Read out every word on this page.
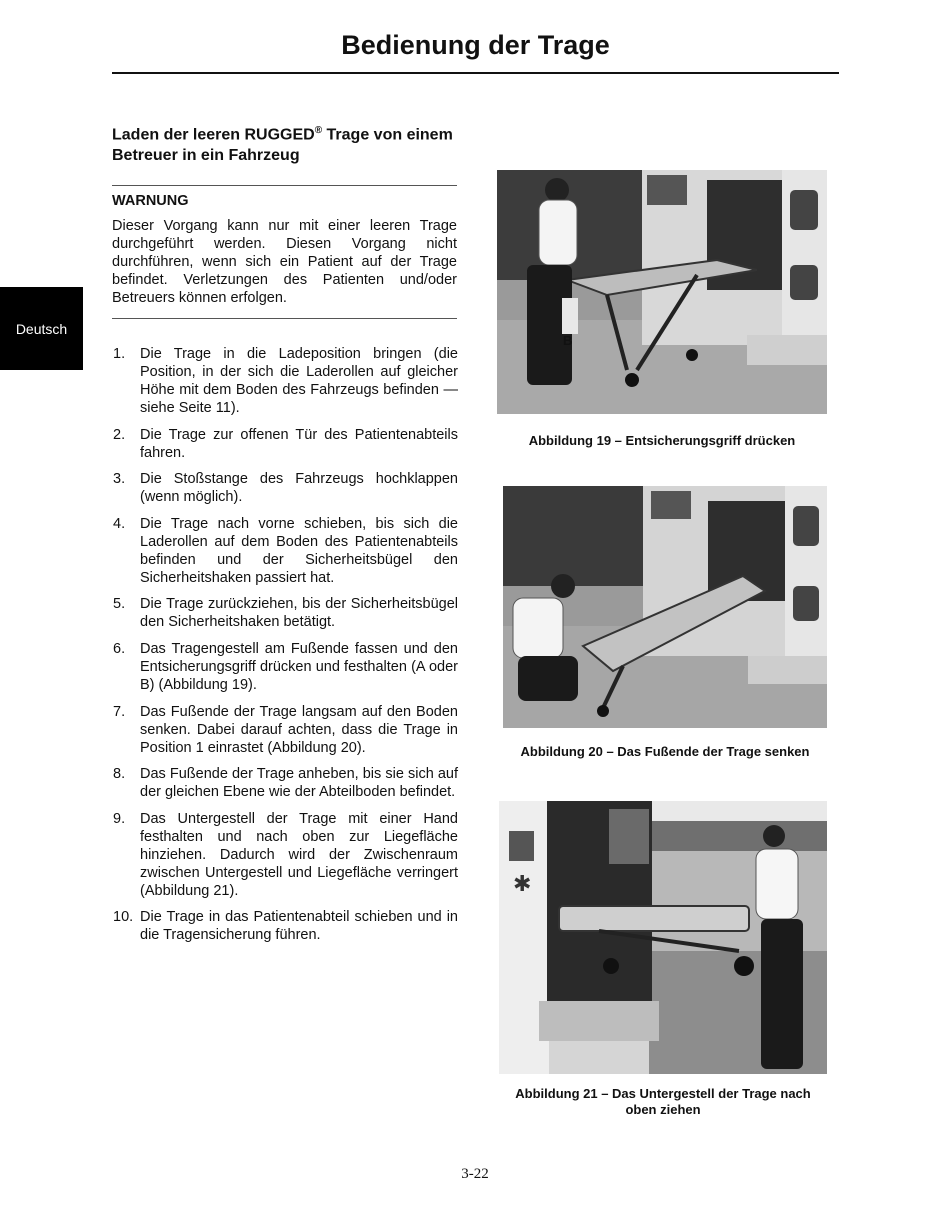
Bedienung der Trage
Deutsch
Laden der leeren RUGGED® Trage von einem Betreuer in ein Fahrzeug
WARNUNG

Dieser Vorgang kann nur mit einer leeren Trage durchgeführt werden. Diesen Vorgang nicht durchführen, wenn sich ein Patient auf der Trage befindet. Verletzungen des Patienten und/oder Betreuers können erfolgen.

1.	Die Trage in die Ladeposition bringen (die Position, in der sich die Laderollen auf gleicher Höhe mit dem Boden des Fahrzeugs befinden — siehe Seite 11).
2.	Die Trage zur offenen Tür des Patientenabteils fahren.
3.	Die Stoßstange des Fahrzeugs hochklappen (wenn möglich).
4.	Die Trage nach vorne schieben, bis sich die Laderollen auf dem Boden des Patientenabteils befinden und der Sicherheitsbügel den Sicherheitshaken passiert hat.
5.	Die Trage zurückziehen, bis der Sicherheitsbügel den Sicherheitshaken betätigt.
6.	Das Tragengestell am Fußende fassen und den Entsicherungsgriff drücken und festhalten (A oder B) (Abbildung 19).
7.	Das Fußende der Trage langsam auf den Boden senken. Dabei darauf achten, dass die Trage in Position 1 einrastet (Abbildung 20).
8.	Das Fußende der Trage anheben, bis sie sich auf der gleichen Ebene wie der Abteilboden befindet.
9.	Das Untergestell der Trage mit einer Hand festhalten und nach oben zur Liegefläche hinziehen. Dadurch wird der Zwischenraum zwischen Untergestell und Liegefläche verringert (Abbildung 21).
10. Die Trage in das Patientenabteil schieben und in die Tragensicherung führen.
B
Abbildung 19 – Entsicherungsgriff drücken
Abbildung 20 – Das Fußende der Trage senken
✱
Abbildung 21 – Das Untergestell der Trage nach oben ziehen
3-22
